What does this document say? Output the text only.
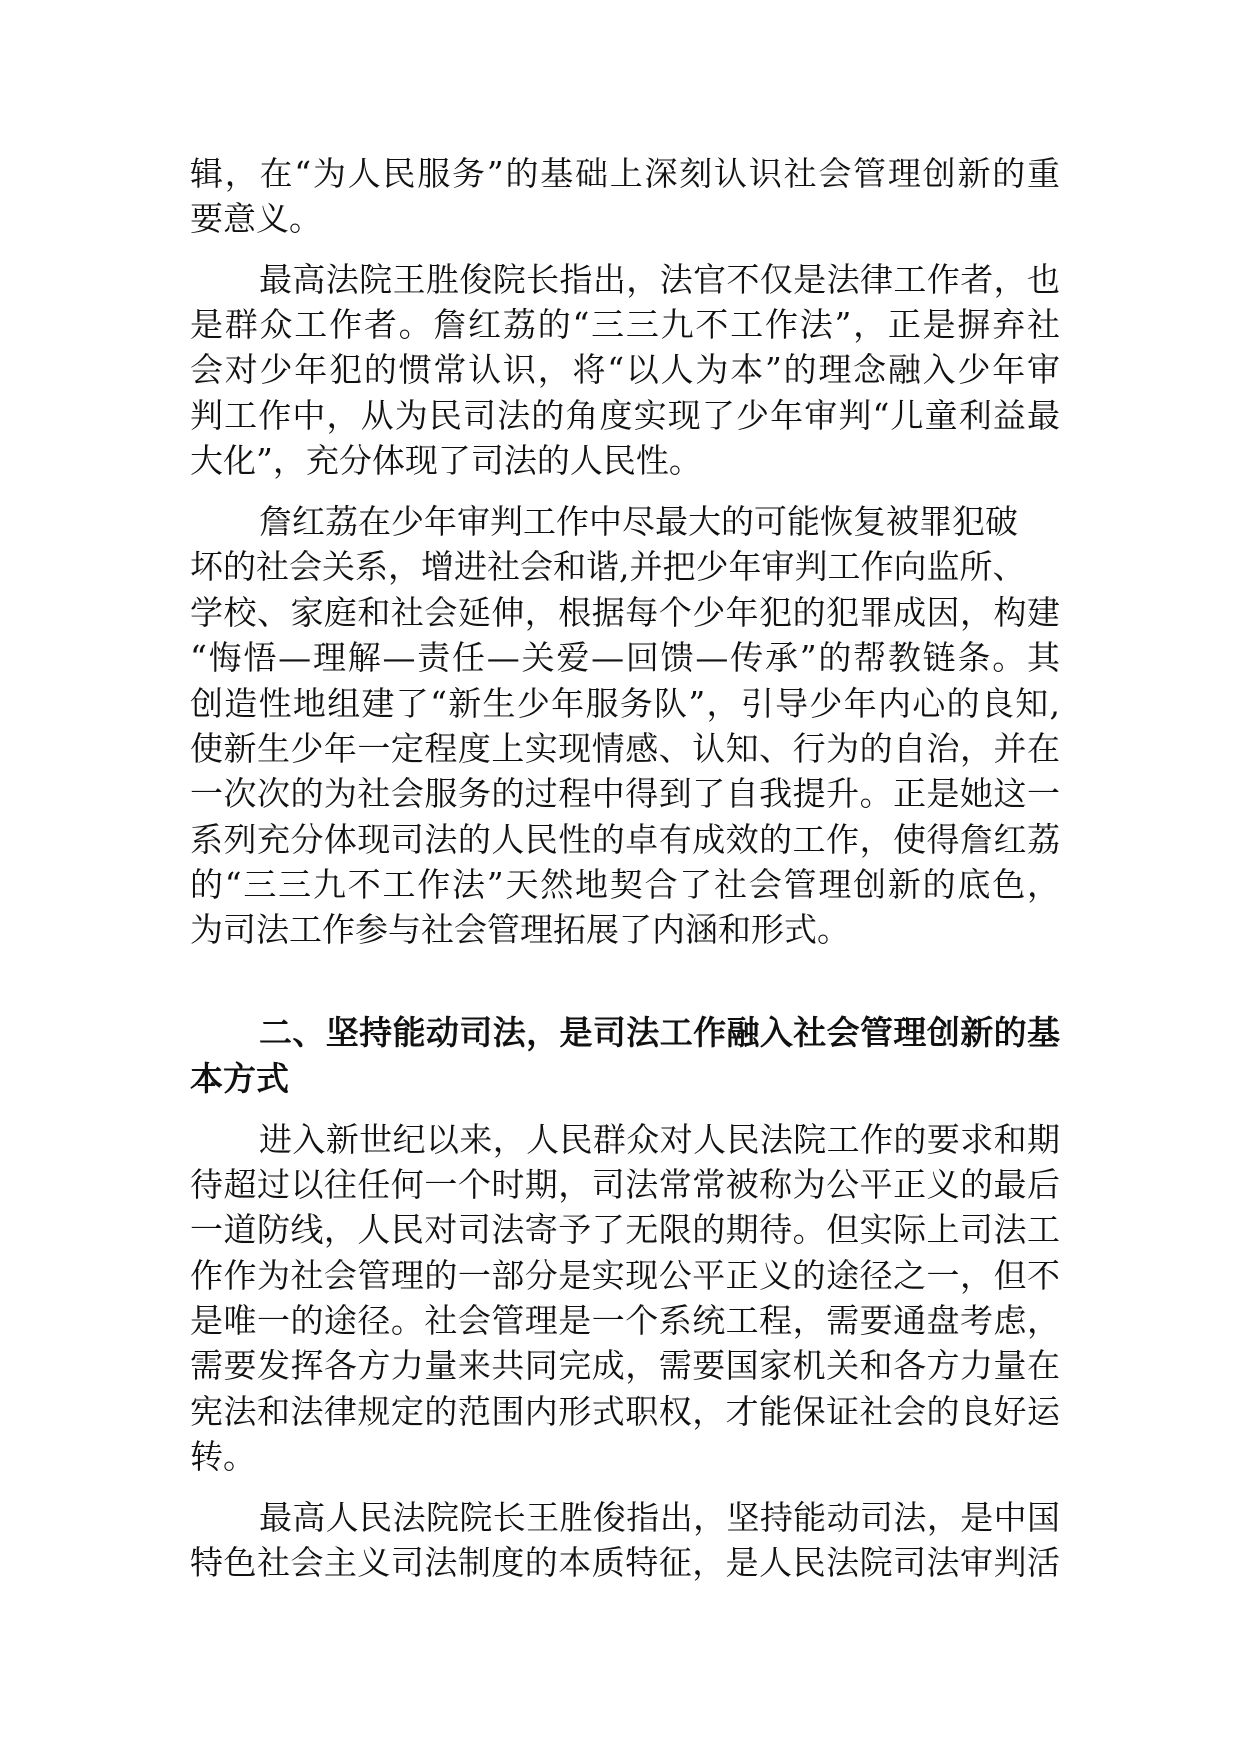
辑，在“为人民服务”的基础上深刻认识社会管理创新的重
要意义。
最高法院王胜俊院长指出，法官不仅是法律工作者，也
是群众工作者。詹红荔的“三三九不工作法”，正是摒弃社
会对少年犯的惯常认识，将“以人为本”的理念融入少年审
判工作中，从为民司法的角度实现了少年审判“儿童利益最
大化”，充分体现了司法的人民性。
詹红荔在少年审判工作中尽最大的可能恢复被罪犯破
坏的社会关系，增进社会和谐,并把少年审判工作向监所、
学校、家庭和社会延伸，根据每个少年犯的犯罪成因，构建
“悔悟—理解—责任—关爱—回馈—传承”的帮教链条。其
创造性地组建了“新生少年服务队”，引导少年内心的良知,
使新生少年一定程度上实现情感、认知、行为的自治，并在
一次次的为社会服务的过程中得到了自我提升。正是她这一
系列充分体现司法的人民性的卓有成效的工作，使得詹红荔
的“三三九不工作法”天然地契合了社会管理创新的底色，
为司法工作参与社会管理拓展了内涵和形式。
二、坚持能动司法，是司法工作融入社会管理创新的基
本方式
进入新世纪以来，人民群众对人民法院工作的要求和期
待超过以往任何一个时期，司法常常被称为公平正义的最后
一道防线，人民对司法寄予了无限的期待。但实际上司法工
作作为社会管理的一部分是实现公平正义的途径之一，但不
是唯一的途径。社会管理是一个系统工程，需要通盘考虑，
需要发挥各方力量来共同完成，需要国家机关和各方力量在
宪法和法律规定的范围内形式职权，才能保证社会的良好运
转。
最高人民法院院长王胜俊指出，坚持能动司法，是中国
特色社会主义司法制度的本质特征，是人民法院司法审判活
